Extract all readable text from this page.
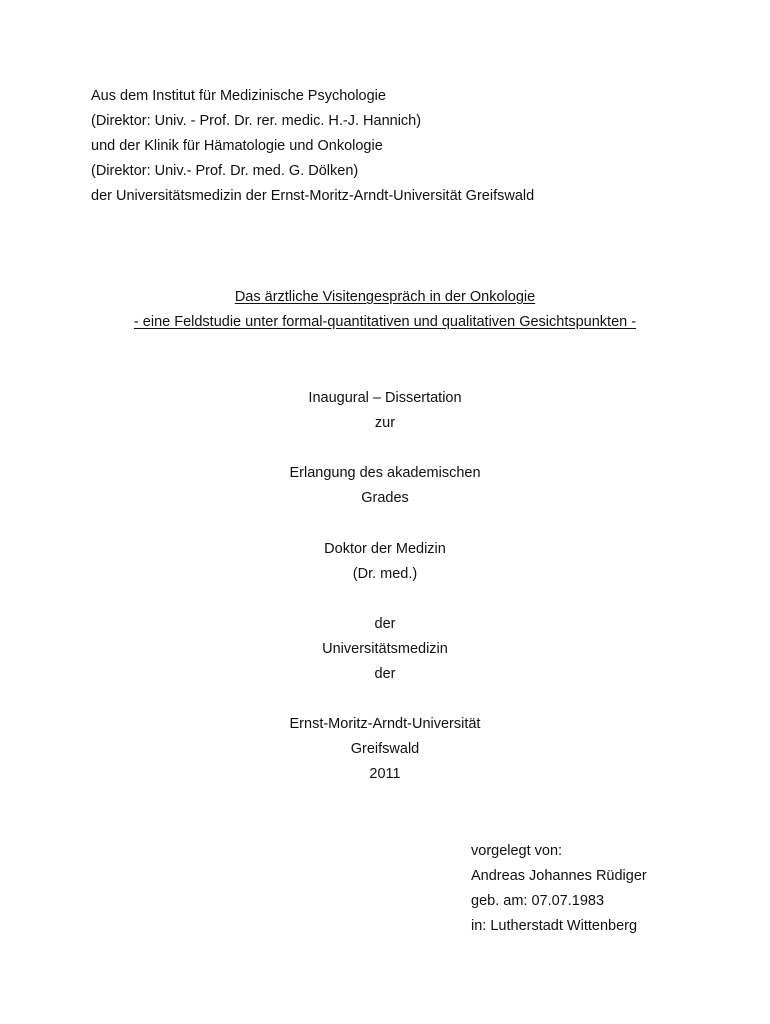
Aus dem Institut für Medizinische Psychologie
(Direktor: Univ. - Prof. Dr. rer. medic. H.-J. Hannich)
und der Klinik für Hämatologie und Onkologie
(Direktor: Univ.- Prof. Dr. med. G. Dölken)
der Universitätsmedizin der Ernst-Moritz-Arndt-Universität Greifswald
Das ärztliche Visitengespräch in der Onkologie
- eine Feldstudie unter formal-quantitativen und qualitativen Gesichtspunkten -
Inaugural – Dissertation
zur
Erlangung des akademischen
Grades
Doktor der Medizin
(Dr. med.)
der
Universitätsmedizin
der
Ernst-Moritz-Arndt-Universität
Greifswald
2011
vorgelegt von:
Andreas Johannes Rüdiger
geb. am: 07.07.1983
in: Lutherstadt Wittenberg
